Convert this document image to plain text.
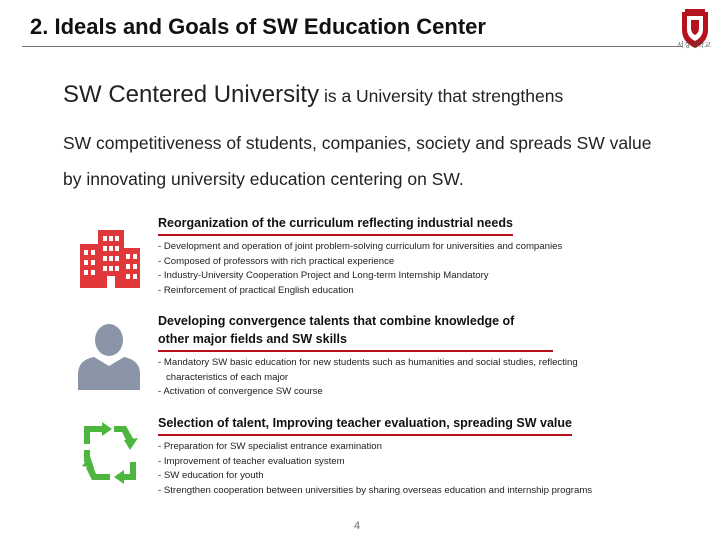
2. Ideals and Goals of SW Education Center
서강대학교

SW Centered University is a University that strengthens

SW competitiveness of students, companies, society and spreads SW value

by innovating university education centering on SW.

Reorganization of the curriculum reflecting industrial needs

- Development and operation of joint problem-solving curriculum for universities and companies
- Composed of professors with rich practical experience
- Industry-University Cooperation Project and Long-term Internship Mandatory
- Reinforcement of practical English education

Developing convergence talents that combine knowledge of
other major fields and SW skills

- Mandatory SW basic education for new students such as humanities and social studies, reflecting
characteristics of each major
- Activation of convergence SW course

Selection of talent, Improving teacher evaluation, spreading SW value

- Preparation for SW specialist entrance examination
- Improvement of teacher evaluation system
- SW education for youth
- Strengthen cooperation between universities by sharing overseas education and internship programs
4
